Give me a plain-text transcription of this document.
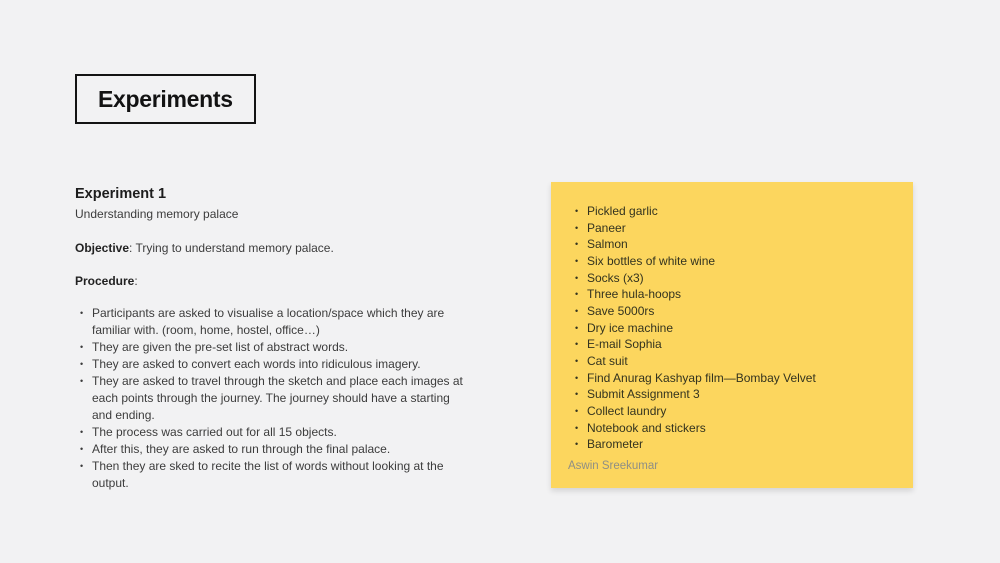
Experiments
Experiment 1
Understanding memory palace

Objective: Trying to understand memory palace.

Procedure:

• Participants are asked to visualise a location/space which they are familiar with. (room, home, hostel, office…)
• They are given the pre-set list of abstract words.
• They are asked to convert each words into ridiculous imagery.
• They are asked to travel through the sketch and place each images at each points through the journey. The journey should have a starting and ending.
• The process was carried out for all 15 objects.
• After this, they are asked to run through the final palace.
• Then they are sked to recite the list of words without looking at the output.
• Pickled garlic
• Paneer
• Salmon
• Six bottles of white wine
• Socks (x3)
• Three hula-hoops
• Save 5000rs
• Dry ice machine
• E-mail Sophia
• Cat suit
• Find Anurag Kashyap film—Bombay Velvet
• Submit Assignment 3
• Collect laundry
• Notebook and stickers
• Barometer
Aswin Sreekumar
